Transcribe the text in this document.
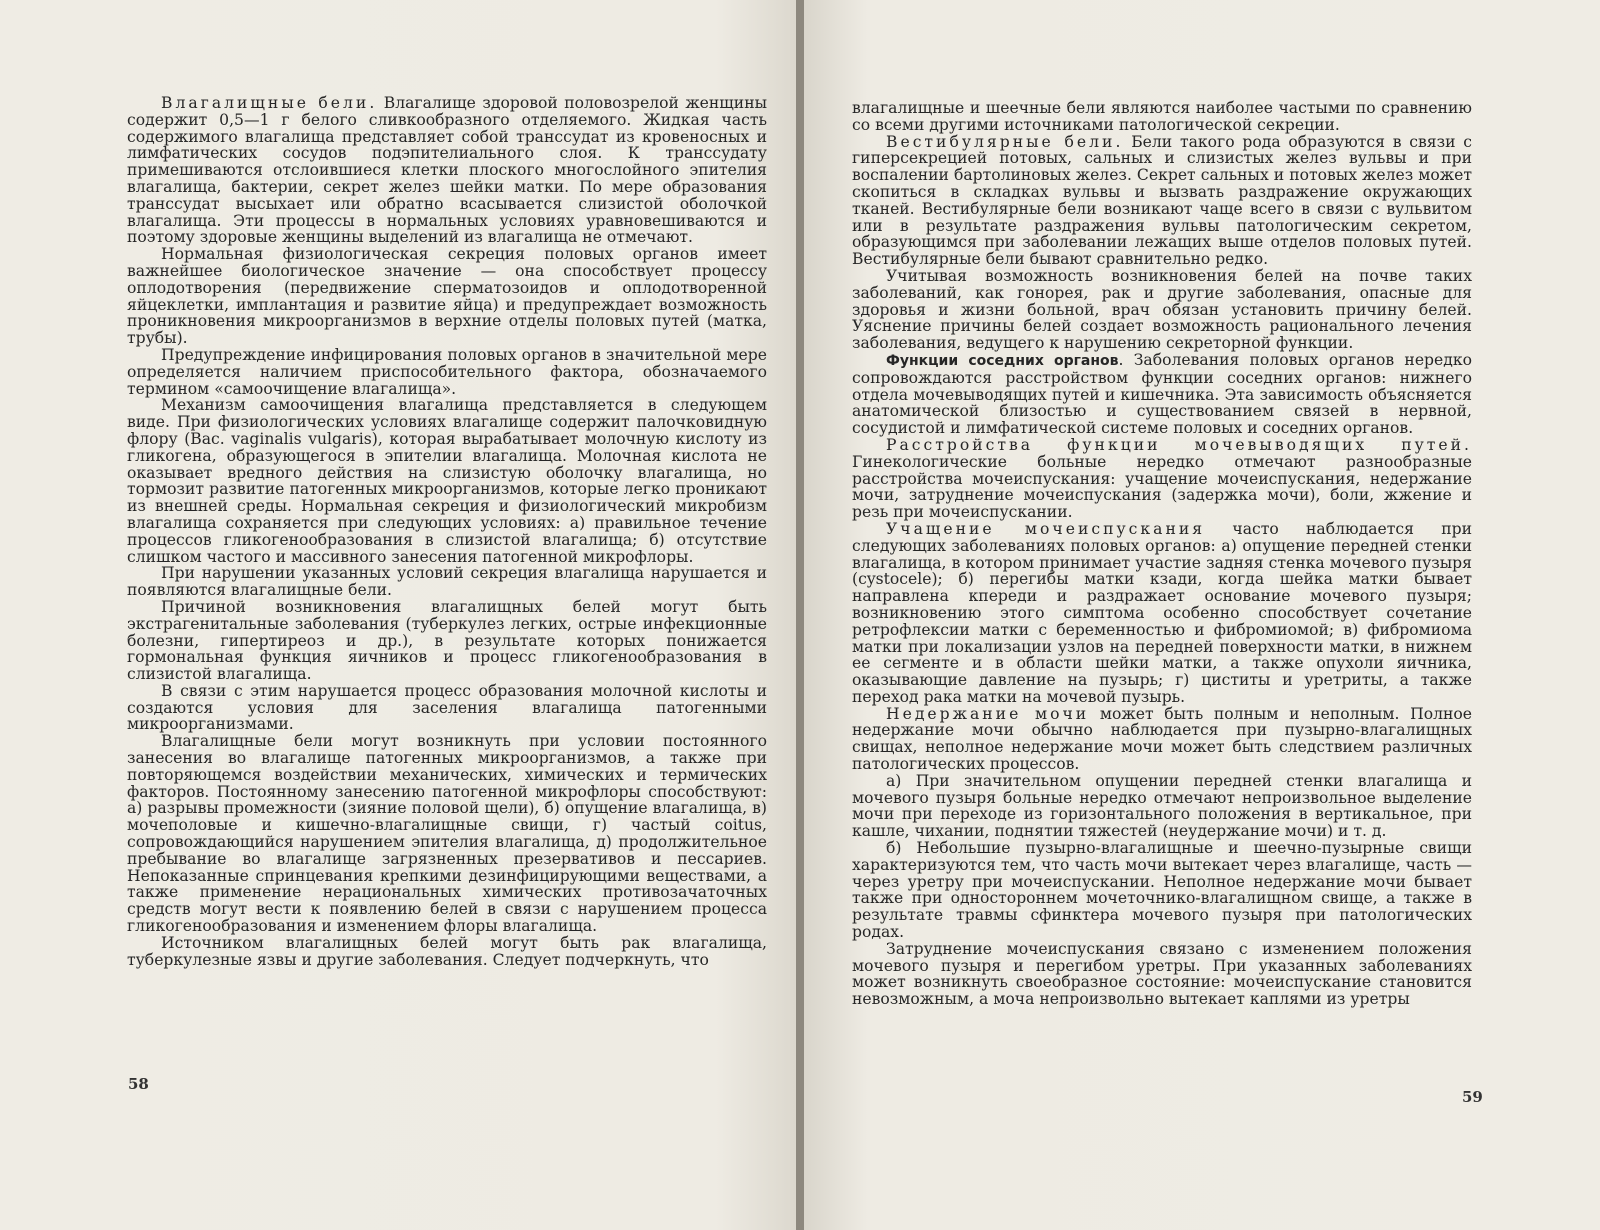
Влагалищные бели. Влагалище здоровой половозрелой женщины содержит 0,5—1 г белого сливкообразного отделяемого. Жидкая часть содержимого влагалища представляет собой транссудат из кровеносных и лимфатических сосудов подэпителиального слоя. К транссудату примешиваются отслоившиеся клетки плоского многослойного эпителия влагалища, бактерии, секрет желез шейки матки. По мере образования транссудат высыхает или обратно всасывается слизистой оболочкой влагалища. Эти процессы в нормальных условиях уравновешиваются и поэтому здоровые женщины выделений из влагалища не отмечают.

Нормальная физиологическая секреция половых органов имеет важнейшее биологическое значение — она способствует процессу оплодотворения (передвижение сперматозоидов и оплодотворенной яйцеклетки, имплантация и развитие яйца) и предупреждает возможность проникновения микроорганизмов в верхние отделы половых путей (матка, трубы).

Предупреждение инфицирования половых органов в значительной мере определяется наличием приспособительного фактора, обозначаемого термином «самоочищение влагалища».

Механизм самоочищения влагалища представляется в следующем виде. При физиологических условиях влагалище содержит палочковидную флору (Bac. vaginalis vulgaris), которая вырабатывает молочную кислоту из гликогена, образующегося в эпителии влагалища. Молочная кислота не оказывает вредного действия на слизистую оболочку влагалища, но тормозит развитие патогенных микроорганизмов, которые легко проникают из внешней среды. Нормальная секреция и физиологический микробизм влагалища сохраняется при следующих условиях: а) правильное течение процессов гликогенообразования в слизистой влагалища; б) отсутствие слишком частого и массивного занесения патогенной микрофлоры.

При нарушении указанных условий секреция влагалища нарушается и появляются влагалищные бели.

Причиной возникновения влагалищных белей могут быть экстрагенитальные заболевания (туберкулез легких, острые инфекционные болезни, гипертиреоз и др.), в результате которых понижается гормональная функция яичников и процесс гликогенообразования в слизистой влагалища.

В связи с этим нарушается процесс образования молочной кислоты и создаются условия для заселения влагалища патогенными микроорганизмами.

Влагалищные бели могут возникнуть при условии постоянного занесения во влагалище патогенных микроорганизмов, а также при повторяющемся воздействии механических, химических и термических факторов. Постоянному занесению патогенной микрофлоры способствуют: а) разрывы промежности (зияние половой щели), б) опущение влагалища, в) мочеполовые и кишечно-влагалищные свищи, г) частый coitus, сопровождающийся нарушением эпителия влагалища, д) продолжительное пребывание во влагалище загрязненных презервативов и пессариев. Непоказанные спринцевания крепкими дезинфицирующими веществами, а также применение нерациональных химических противозачаточных средств могут вести к появлению белей в связи с нарушением процесса гликогенообразования и изменением флоры влагалища.

Источником влагалищных белей могут быть рак влагалища, туберкулезные язвы и другие заболевания. Следует подчеркнуть, что

58

влагалищные и шеечные бели являются наиболее частыми по сравнению со всеми другими источниками патологической секреции.

Вестибулярные бели. Бели такого рода образуются в связи с гиперсекрецией потовых, сальных и слизистых желез вульвы и при воспалении бартолиновых желез. Секрет сальных и потовых желез может скопиться в складках вульвы и вызвать раздражение окружающих тканей. Вестибулярные бели возникают чаще всего в связи с вульвитом или в результате раздражения вульвы патологическим секретом, образующимся при заболевании лежащих выше отделов половых путей. Вестибулярные бели бывают сравнительно редко.

Учитывая возможность возникновения белей на почве таких заболеваний, как гонорея, рак и другие заболевания, опасные для здоровья и жизни больной, врач обязан установить причину белей. Уяснение причины белей создает возможность рационального лечения заболевания, ведущего к нарушению секреторной функции.

Функции соседних органов. Заболевания половых органов нередко сопровождаются расстройством функции соседних органов: нижнего отдела мочевыводящих путей и кишечника. Эта зависимость объясняется анатомической близостью и существованием связей в нервной, сосудистой и лимфатической системе половых и соседних органов.

Расстройства функции мочевыводящих путей. Гинекологические больные нередко отмечают разнообразные расстройства мочеиспускания: учащение мочеиспускания, недержание мочи, затруднение мочеиспускания (задержка мочи), боли, жжение и резь при мочеиспускании.

Учащение мочеиспускания часто наблюдается при следующих заболеваниях половых органов: а) опущение передней стенки влагалища, в котором принимает участие задняя стенка мочевого пузыря (cystocele); б) перегибы матки кзади, когда шейка матки бывает направлена кпереди и раздражает основание мочевого пузыря; возникновению этого симптома особенно способствует сочетание ретрофлексии матки с беременностью и фибромиомой; в) фибромиома матки при локализации узлов на передней поверхности матки, в нижнем ее сегменте и в области шейки матки, а также опухоли яичника, оказывающие давление на пузырь; г) циститы и уретриты, а также переход рака матки на мочевой пузырь.

Недержание мочи может быть полным и неполным. Полное недержание мочи обычно наблюдается при пузырно-влагалищных свищах, неполное недержание мочи может быть следствием различных патологических процессов.

а) При значительном опущении передней стенки влагалища и мочевого пузыря больные нередко отмечают непроизвольное выделение мочи при переходе из горизонтального положения в вертикальное, при кашле, чихании, поднятии тяжестей (неудержание мочи) и т. д.

б) Небольшие пузырно-влагалищные и шеечно-пузырные свищи характеризуются тем, что часть мочи вытекает через влагалище, часть — через уретру при мочеиспускании. Неполное недержание мочи бывает также при одностороннем мочеточнико-влагалищном свище, а также в результате травмы сфинктера мочевого пузыря при патологических родах.

Затруднение мочеиспускания связано с изменением положения мочевого пузыря и перегибом уретры. При указанных заболеваниях может возникнуть своеобразное состояние: мочеиспускание становится невозможным, а моча непроизвольно вытекает каплями из уретры

59
